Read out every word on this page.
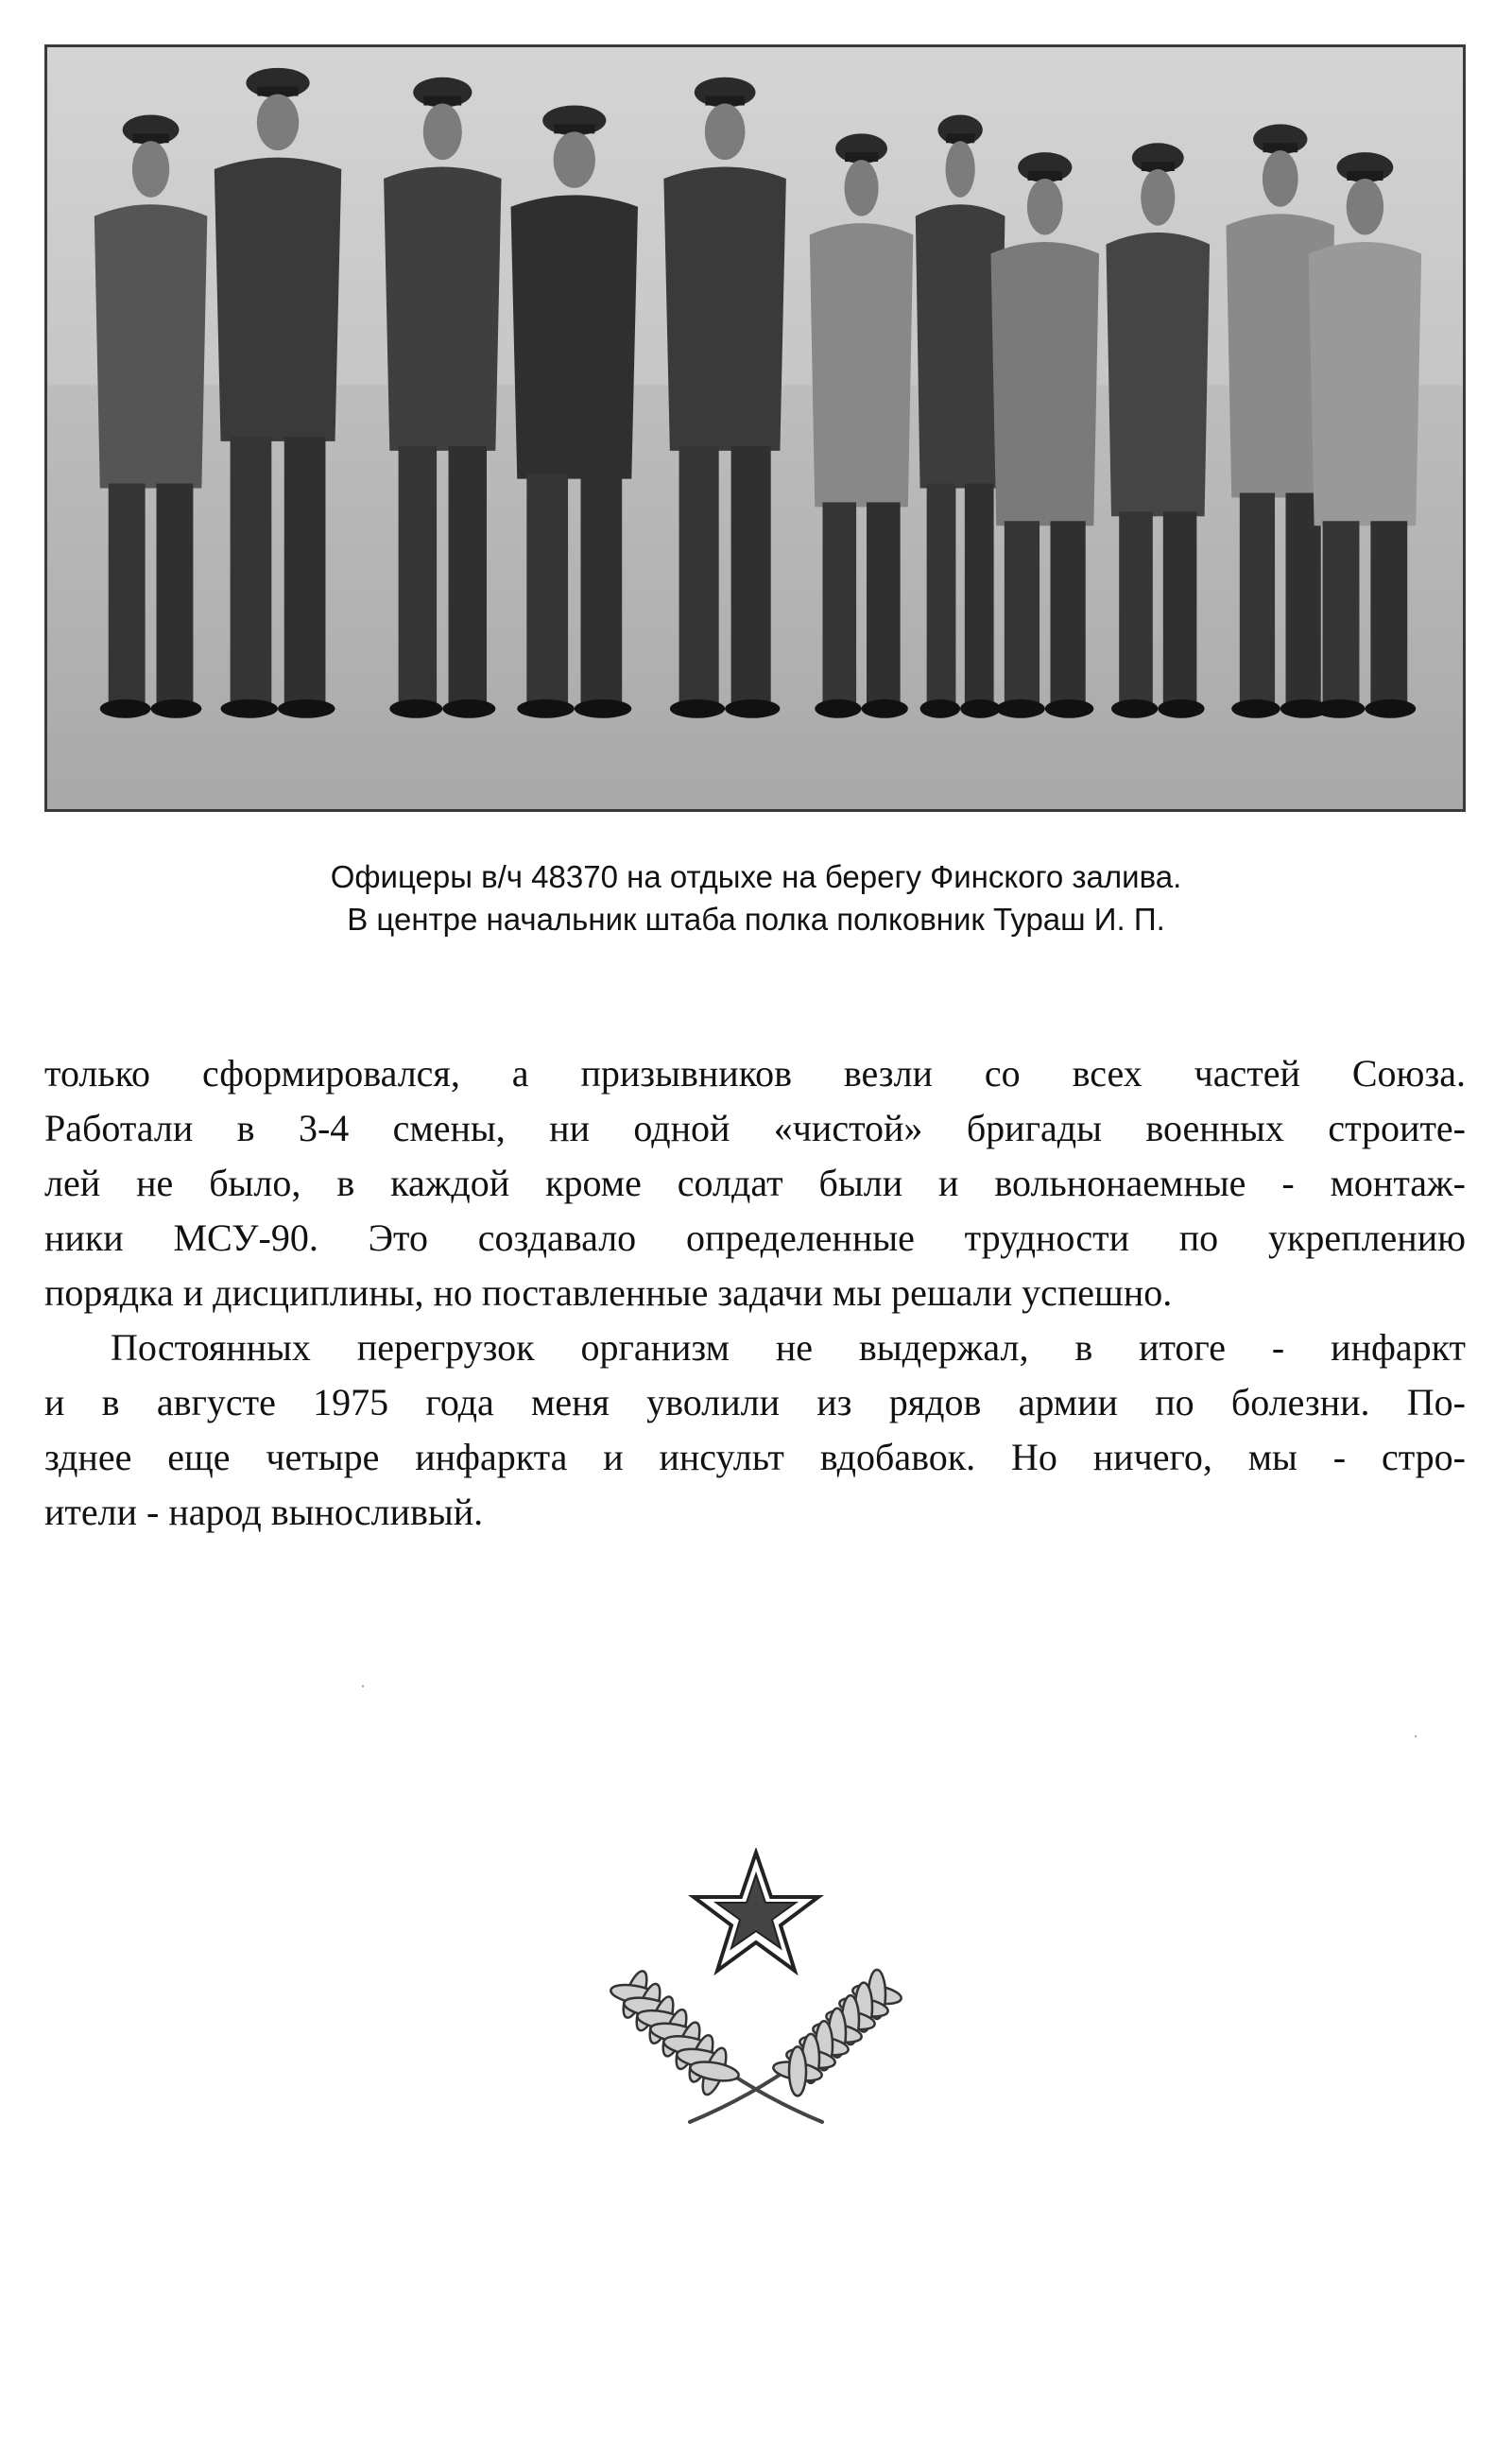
Офицеры в/ч 48370 на отдыхе на берегу Финского залива.
В центре начальник штаба полка полковник Тураш И. П.
только сформировался, а призывников везли со всех частей Союза.
Работали в 3-4 смены, ни одной «чистой» бригады военных строите-
лей не было, в каждой кроме солдат были и вольнонаемные - монтаж-
ники МСУ-90. Это создавало определенные трудности по укреплению
порядка и дисциплины, но поставленные задачи мы решали успешно.
Постоянных перегрузок организм не выдержал, в итоге - инфаркт
и в августе 1975 года меня уволили из рядов армии по болезни. По-
зднее еще четыре инфаркта и инсульт вдобавок. Но ничего, мы - стро-
ители - народ выносливый.
